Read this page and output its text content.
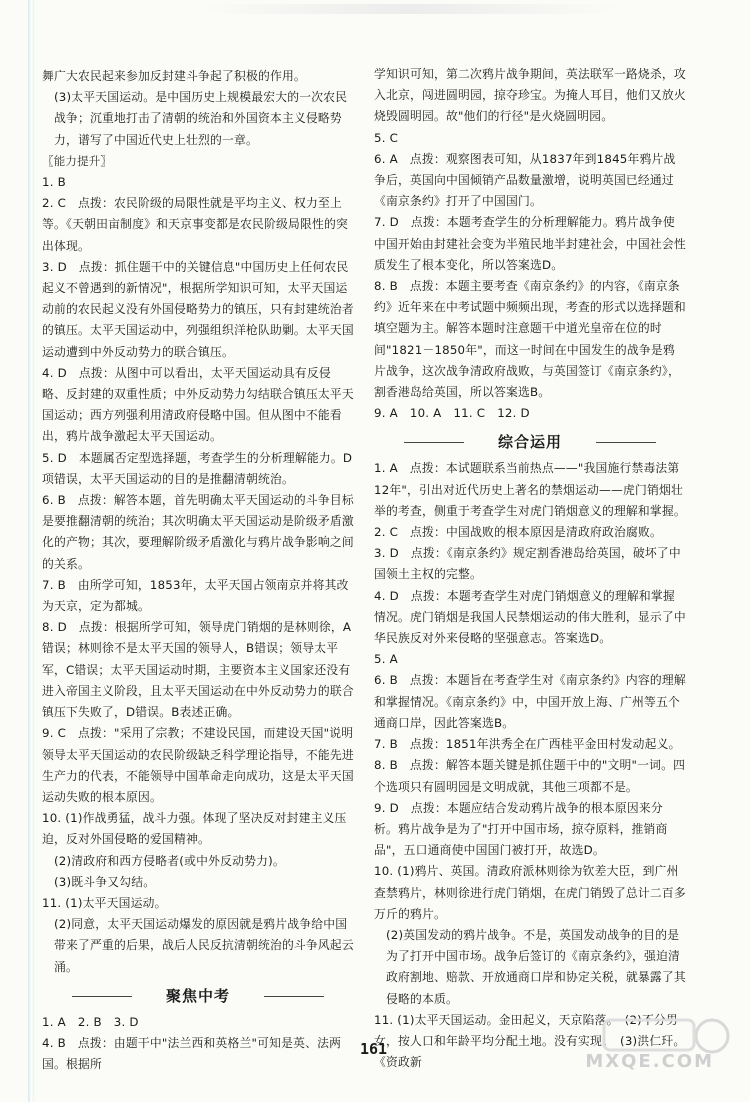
舞广大农民起来参加反封建斗争起了积极的作用。

(3)太平天国运动。是中国历史上规模最宏大的一次农民战争；沉重地打击了清朝的统治和外国资本主义侵略势力，谱写了中国近代史上壮烈的一章。

〖能力提升〗

1. B

2. C　点拨：农民阶级的局限性就是平均主义、权力至上等。《天朝田亩制度》和天京事变都是农民阶级局限性的突出体现。

3. D　点拨：抓住题干中的关键信息"中国历史上任何农民起义不曾遇到的新情况"，根据所学知识可知，太平天国运动前的农民起义没有外国侵略势力的镇压，只有封建统治者的镇压。太平天国运动中，列强组织洋枪队助剿。太平天国运动遭到中外反动势力的联合镇压。

4. D　点拨：从图中可以看出，太平天国运动具有反侵略、反封建的双重性质；中外反动势力勾结联合镇压太平天国运动；西方列强利用清政府侵略中国。但从图中不能看出，鸦片战争激起太平天国运动。

5. D　本题属否定型选择题，考查学生的分析理解能力。D项错误，太平天国运动的目的是推翻清朝统治。

6. B　点拨：解答本题，首先明确太平天国运动的斗争目标是要推翻清朝的统治；其次明确太平天国运动是阶级矛盾激化的产物；其次，要理解阶级矛盾激化与鸦片战争影响之间的关系。

7. B　由所学可知，1853年，太平天国占领南京并将其改为天京，定为都城。

8. D　点拨：根据所学可知，领导虎门销烟的是林则徐，A错误；林则徐不是太平天国的领导人，B错误；领导太平军，C错误；太平天国运动时期，主要资本主义国家还没有进入帝国主义阶段，且太平天国运动在中外反动势力的联合镇压下失败了，D错误。B表述正确。

9. C　点拨："采用了宗教；不建设民国，而建设天国"说明领导太平天国运动的农民阶级缺乏科学理论指导，不能先进生产力的代表，不能领导中国革命走向成功，这是太平天国运动失败的根本原因。

10. (1)作战勇猛，战斗力强。体现了坚决反对封建主义压迫，反对外国侵略的爱国精神。

(2)清政府和西方侵略者(或中外反动势力)。

(3)既斗争又勾结。

11. (1)太平天国运动。

(2)同意，太平天国运动爆发的原因就是鸦片战争给中国带来了严重的后果，战后人民反抗清朝统治的斗争风起云涌。

聚焦中考

1. A　2. B　3. D

4. B　点拨：由题干中"法兰西和英格兰"可知是英、法两国。根据所

学知识可知，第二次鸦片战争期间，英法联军一路烧杀，攻入北京，闯进圆明园，掠夺珍宝。为掩人耳目，他们又放火烧毁圆明园。故"他们的行径"是火烧圆明园。

5. C

6. A　点拨：观察图表可知，从1837年到1845年鸦片战争后，英国向中国倾销产品数量激增，说明英国已经通过《南京条约》打开了中国国门。

7. D　点拨：本题考查学生的分析理解能力。鸦片战争使中国开始由封建社会变为半殖民地半封建社会，中国社会性质发生了根本变化，所以答案选D。

8. B　点拨：本题主要考查《南京条约》的内容，《南京条约》近年来在中考试题中频频出现，考查的形式以选择题和填空题为主。解答本题时注意题干中道光皇帝在位的时间"1821－1850年"，而这一时间在中国发生的战争是鸦片战争，这次战争清政府战败，与英国签订《南京条约》，割香港岛给英国，所以答案选B。

9. A　10. A　11. C　12. D

综合运用

1. A　点拨：本试题联系当前热点——"我国施行禁毒法第12年"，引出对近代历史上著名的禁烟运动——虎门销烟壮举的考查，侧重于考查学生对虎门销烟意义的理解和掌握。

2. C　点拨：中国战败的根本原因是清政府政治腐败。

3. D　点拨：《南京条约》规定割香港岛给英国，破坏了中国领土主权的完整。

4. D　点拨：本题考查学生对虎门销烟意义的理解和掌握情况。虎门销烟是我国人民禁烟运动的伟大胜利，显示了中华民族反对外来侵略的坚强意志。答案选D。

5. A

6. B　点拨：本题旨在考查学生对《南京条约》内容的理解和掌握情况。《南京条约》中，中国开放上海、广州等五个通商口岸，因此答案选B。

7. B　点拨：1851年洪秀全在广西桂平金田村发动起义。

8. B　点拨：解答本题关键是抓住题干中的"文明"一词。四个选项只有圆明园是文明成就，其他三项都不是。

9. D　点拨：本题应结合发动鸦片战争的根本原因来分析。鸦片战争是为了"打开中国市场，掠夺原料，推销商品"，五口通商使中国国门被打开，故选D。

10. (1)鸦片、英国。清政府派林则徐为钦差大臣，到广州查禁鸦片，林则徐进行虎门销烟，在虎门销毁了总计二百多万斤的鸦片。

(2)英国发动的鸦片战争。不是，英国发动战争的目的是为了打开中国市场。战争后签订的《南京条约》，强迫清政府割地、赔款、开放通商口岸和协定关税，就暴露了其侵略的本质。

11. (1)太平天国运动。金田起义，天京陷落。　(2)不分男女，按人口和年龄平均分配土地。没有实现。　(3)洪仁玕。《资政新

161
MXQE.COM
